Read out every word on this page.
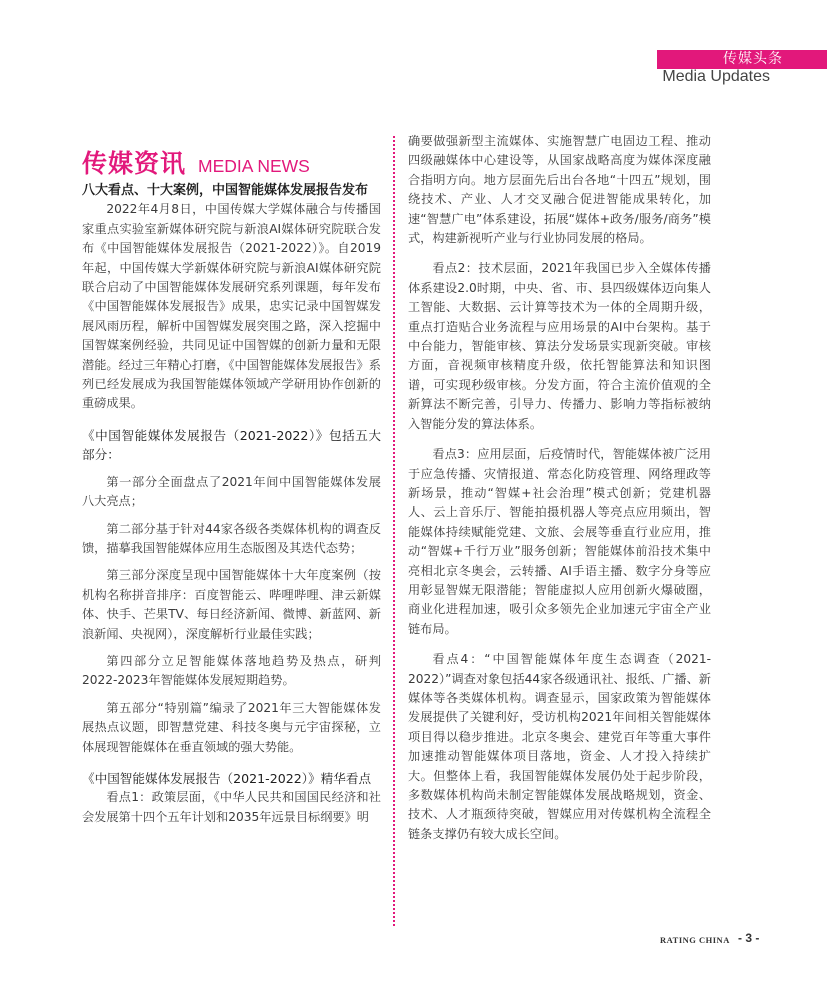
传媒头条
Media Updates
传媒资讯 MEDIA NEWS
八大看点、十大案例，中国智能媒体发展报告发布

2022年4月8日，中国传媒大学媒体融合与传播国家重点实验室新媒体研究院与新浪AI媒体研究院联合发布《中国智能媒体发展报告（2021-2022）》。自2019年起，中国传媒大学新媒体研究院与新浪AI媒体研究院联合启动了中国智能媒体发展研究系列课题，每年发布《中国智能媒体发展报告》成果，忠实记录中国智媒发展风雨历程，解析中国智媒发展突围之路，深入挖掘中国智媒案例经验，共同见证中国智媒的创新力量和无限潜能。经过三年精心打磨，《中国智能媒体发展报告》系列已经发展成为我国智能媒体领域产学研用协作创新的重磅成果。

《中国智能媒体发展报告（2021-2022）》包括五大部分：

第一部分全面盘点了2021年间中国智能媒体发展八大亮点；

第二部分基于针对44家各级各类媒体机构的调查反馈，描摹我国智能媒体应用生态版图及其迭代态势；

第三部分深度呈现中国智能媒体十大年度案例（按机构名称拼音排序：百度智能云、哔哩哔哩、津云新媒体、快手、芒果TV、每日经济新闻、微博、新蓝网、新浪新闻、央视网），深度解析行业最佳实践；

第四部分立足智能媒体落地趋势及热点，研判2022-2023年智能媒体发展短期趋势。

第五部分“特别篇”编录了2021年三大智能媒体发展热点议题，即智慧党建、科技冬奥与元宇宙探秘，立体展现智能媒体在垂直领域的强大势能。

《中国智能媒体发展报告（2021-2022）》精华看点

看点1：政策层面，《中华人民共和国国民经济和社会发展第十四个五年计划和2035年远景目标纲要》明

确要做强新型主流媒体、实施智慧广电固边工程、推动四级融媒体中心建设等，从国家战略高度为媒体深度融合指明方向。地方层面先后出台各地“十四五”规划，围绕技术、产业、人才交叉融合促进智能成果转化，加速“智慧广电”体系建设，拓展“媒体+政务/服务/商务”模式，构建新视听产业与行业协同发展的格局。

看点2：技术层面，2021年我国已步入全媒体传播体系建设2.0时期，中央、省、市、县四级媒体迈向集人工智能、大数据、云计算等技术为一体的全周期升级，重点打造贴合业务流程与应用场景的AI中台架构。基于中台能力，智能审核、算法分发场景实现新突破。审核方面，音视频审核精度升级，依托智能算法和知识图谱，可实现秒级审核。分发方面，符合主流价值观的全新算法不断完善，引导力、传播力、影响力等指标被纳入智能分发的算法体系。

看点3：应用层面，后疫情时代，智能媒体被广泛用于应急传播、灾情报道、常态化防疫管理、网络理政等新场景，推动“智媒+社会治理”模式创新；党建机器人、云上音乐厅、智能拍摄机器人等亮点应用频出，智能媒体持续赋能党建、文旅、会展等垂直行业应用，推动“智媒+千行万业”服务创新；智能媒体前沿技术集中亮相北京冬奥会，云转播、AI手语主播、数字分身等应用彰显智媒无限潜能；智能虚拟人应用创新火爆破圈，商业化进程加速，吸引众多领先企业加速元宇宙全产业链布局。

看点4：“中国智能媒体年度生态调查（2021-2022）”调查对象包括44家各级通讯社、报纸、广播、新媒体等各类媒体机构。调查显示，国家政策为智能媒体发展提供了关键利好，受访机构2021年间相关智能媒体项目得以稳步推进。北京冬奥会、建党百年等重大事件加速推动智能媒体项目落地，资金、人才投入持续扩大。但整体上看，我国智能媒体发展仍处于起步阶段，多数媒体机构尚未制定智能媒体发展战略规划，资金、技术、人才瓶颈待突破，智媒应用对传媒机构全流程全链条支撑仍有较大成长空间。

RATING CHINA - 3 -
